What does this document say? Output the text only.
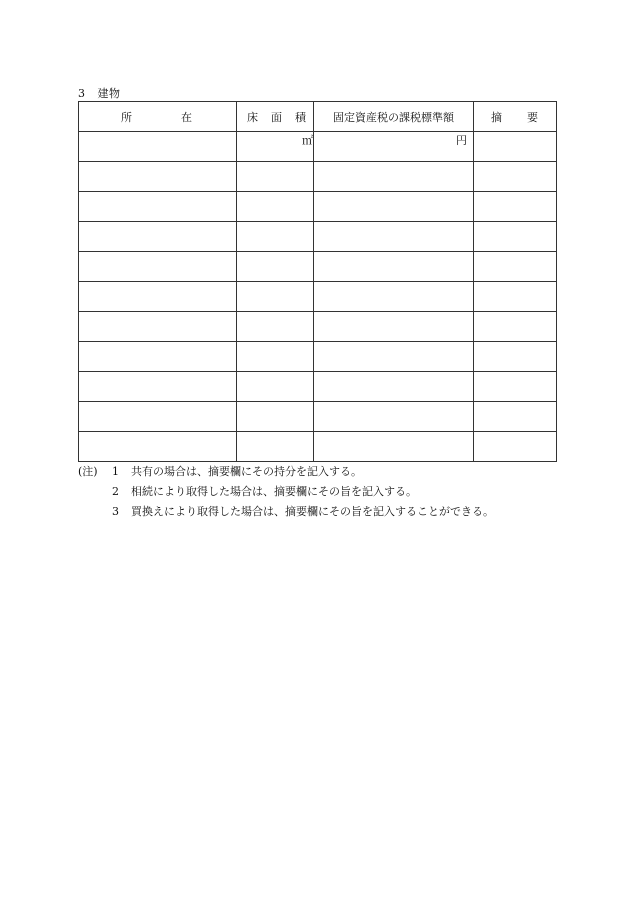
3 建物
所 在	床 面 積	固定資産税の課税標準額	摘 要

	㎡	円	

(注)	1	共有の場合は、摘要欄にその持分を記入する。
2	相続により取得した場合は、摘要欄にその旨を記入する。
3	買換えにより取得した場合は、摘要欄にその旨を記入することができる。
